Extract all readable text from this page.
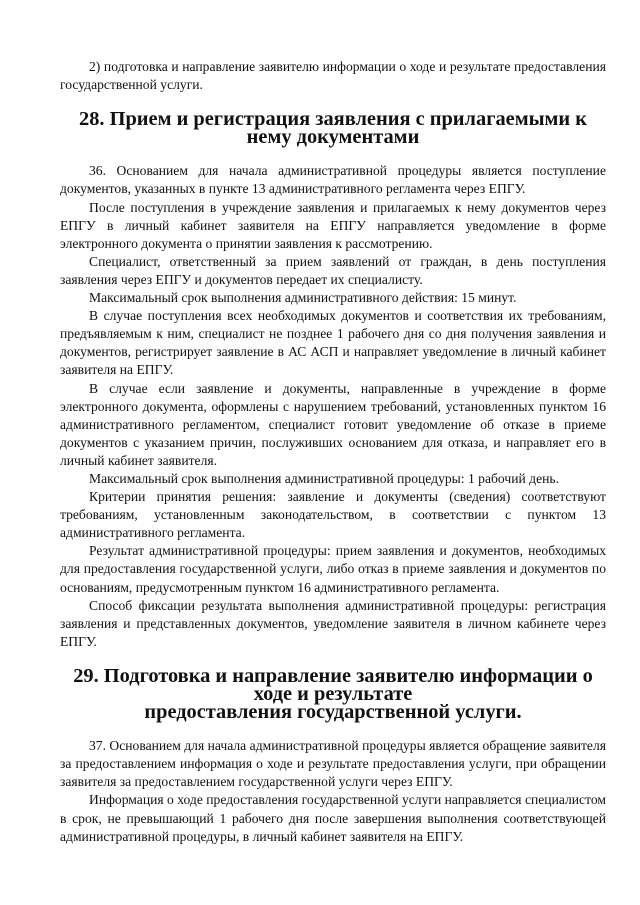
2) подготовка и направление заявителю информации о ходе и результате предоставления государственной услуги.

28. Прием и регистрация заявления с прилагаемыми к нему документами

36. Основанием для начала административной процедуры является поступление документов, указанных в пункте 13 административного регламента через ЕПГУ.

После поступления в учреждение заявления и прилагаемых к нему документов через ЕПГУ в личный кабинет заявителя на ЕПГУ направляется уведомление в форме электронного документа о принятии заявления к рассмотрению.

Специалист, ответственный за прием заявлений от граждан, в день поступления заявления через ЕПГУ и документов передает их специалисту.

Максимальный срок выполнения административного действия: 15 минут.

В случае поступления всех необходимых документов и соответствия их требованиям, предъявляемым к ним, специалист не позднее 1 рабочего дня со дня получения заявления и документов, регистрирует заявление в АС АСП и направляет уведомление в личный кабинет заявителя на ЕПГУ.

В случае если заявление и документы, направленные в учреждение в форме электронного документа, оформлены с нарушением требований, установленных пунктом 16 административного регламентом, специалист готовит уведомление об отказе в приеме документов с указанием причин, послуживших основанием для отказа, и направляет его в личный кабинет заявителя.

Максимальный срок выполнения административной процедуры: 1 рабочий день.

Критерии принятия решения: заявление и документы (сведения) соответствуют требованиям, установленным законодательством, в соответствии с пунктом 13 административного регламента.

Результат административной процедуры: прием заявления и документов, необходимых для предоставления государственной услуги, либо отказ в приеме заявления и документов по основаниям, предусмотренным пунктом 16 административного регламента.

Способ фиксации результата выполнения административной процедуры: регистрация заявления и представленных документов, уведомление заявителя в личном кабинете через ЕПГУ.

29. Подготовка и направление заявителю информации о ходе и результате
предоставления государственной услуги.

37. Основанием для начала административной процедуры является обращение заявителя за предоставлением информация о ходе и результате предоставления услуги, при обращении заявителя за предоставлением государственной услуги через ЕПГУ.

Информация о ходе предоставления государственной услуги направляется специалистом в срок, не превышающий 1 рабочего дня после завершения выполнения соответствующей административной процедуры, в личный кабинет заявителя на ЕПГУ.
